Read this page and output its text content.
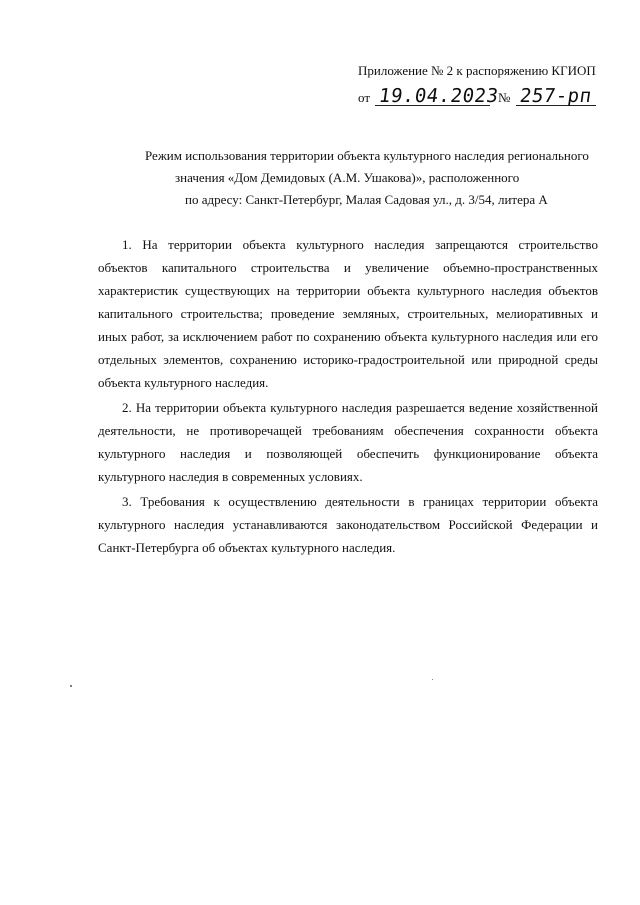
Приложение № 2 к распоряжению КГИОП
от 19.04.2023
№ 257-рп
Режим использования территории объекта культурного наследия регионального
значения «Дом Демидовых (А.М. Ушакова)», расположенного
по адресу: Санкт-Петербург, Малая Садовая ул., д. 3/54, литера А

1. На территории объекта культурного наследия запрещаются строительство объектов капитального строительства и увеличение объемно-пространственных характеристик существующих на территории объекта культурного наследия объектов капитального строительства; проведение земляных, строительных, мелиоративных и иных работ, за исключением работ по сохранению объекта культурного наследия или его отдельных элементов, сохранению историко-градостроительной или природной среды объекта культурного наследия.

2. На территории объекта культурного наследия разрешается ведение хозяйственной деятельности, не противоречащей требованиям обеспечения сохранности объекта культурного наследия и позволяющей обеспечить функционирование объекта культурного наследия в современных условиях.

3. Требования к осуществлению деятельности в границах территории объекта культурного наследия устанавливаются законодательством Российской Федерации и Санкт-Петербурга об объектах культурного наследия.
